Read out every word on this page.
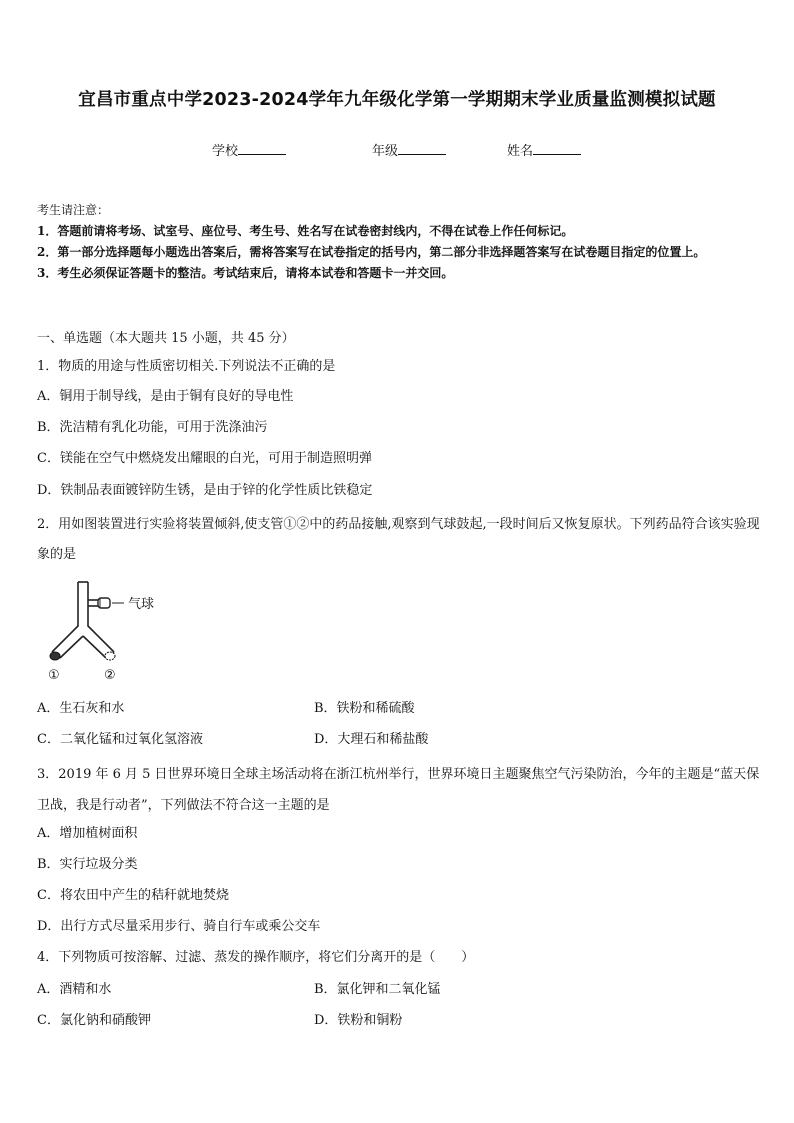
宜昌市重点中学2023-2024学年九年级化学第一学期期末学业质量监测模拟试题
学校	年级	姓名
考生请注意：
1．答题前请将考场、试室号、座位号、考生号、姓名写在试卷密封线内，不得在试卷上作任何标记。
2．第一部分选择题每小题选出答案后，需将答案写在试卷指定的括号内，第二部分非选择题答案写在试卷题目指定的位置上。
3．考生必须保证答题卡的整洁。考试结束后，请将本试卷和答题卡一并交回。
一、单选题（本大题共 15 小题，共 45 分）
1．物质的用途与性质密切相关.下列说法不正确的是
A．铜用于制导线，是由于铜有良好的导电性
B．洗洁精有乳化功能，可用于洗涤油污
C．镁能在空气中燃烧发出耀眼的白光，可用于制造照明弹
D．铁制品表面镀锌防生锈，是由于锌的化学性质比铁稳定
2．用如图装置进行实验将装置倾斜,使支管①②中的药品接触,观察到气球鼓起,一段时间后又恢复原状。下列药品符合该实验现象的是
气球
①	②
A．生石灰和水	B．铁粉和稀硫酸
C．二氧化锰和过氧化氢溶液	D．大理石和稀盐酸
3．2019 年 6 月 5 日世界环境日全球主场活动将在浙江杭州举行，世界环境日主题聚焦空气污染防治，今年的主题是“蓝天保卫战，我是行动者”，下列做法不符合这一主题的是
A．增加植树面积
B．实行垃圾分类
C．将农田中产生的秸秆就地焚烧
D．出行方式尽量采用步行、骑自行车或乘公交车
4．下列物质可按溶解、过滤、蒸发的操作顺序，将它们分离开的是（　　）
A．酒精和水	B．氯化钾和二氧化锰
C．氯化钠和硝酸钾	D．铁粉和铜粉
